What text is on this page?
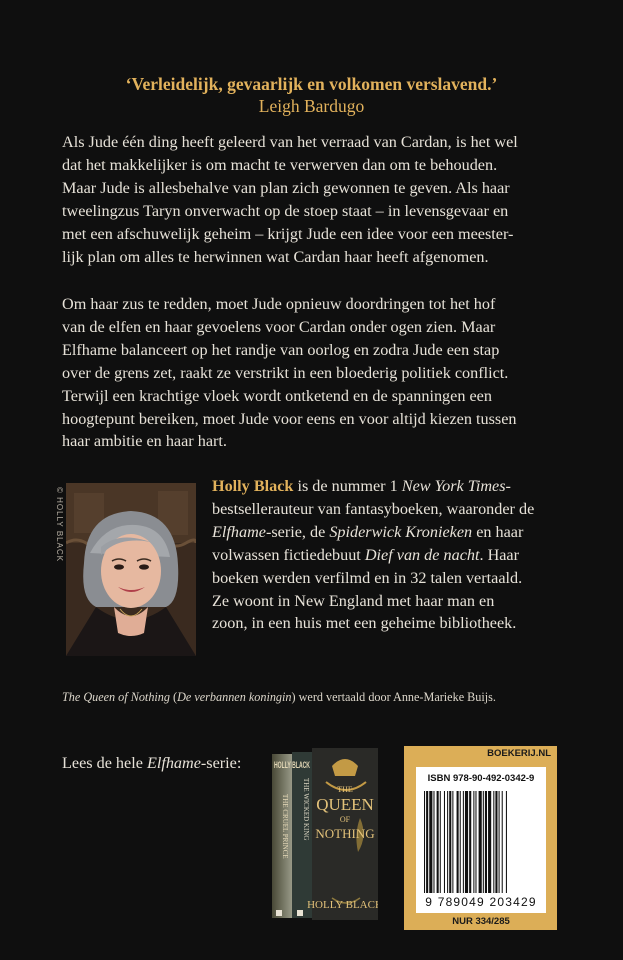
‘Verleidelijk, gevaarlijk en volkomen verslavend.’
Leigh Bardugo

Als Jude één ding heeft geleerd van het verraad van Cardan, is het wel
dat het makkelijker is om macht te verwerven dan om te behouden.
Maar Jude is allesbehalve van plan zich gewonnen te geven. Als haar
tweelingzus Taryn onverwacht op de stoep staat – in levensgevaar en
met een afschuwelijk geheim – krijgt Jude een idee voor een meester-
lijk plan om alles te herwinnen wat Cardan haar heeft afgenomen.

Om haar zus te redden, moet Jude opnieuw doordringen tot het hof
van de elfen en haar gevoelens voor Cardan onder ogen zien. Maar
Elfhame balanceert op het randje van oorlog en zodra Jude een stap
over de grens zet, raakt ze verstrikt in een bloederig politiek conflict.
Terwijl een krachtige vloek wordt ontketend en de spanningen een
hoogtepunt bereiken, moet Jude voor eens en voor altijd kiezen tussen
haar ambitie en haar hart.

© HOLLY BLACK

Holly Black is de nummer 1 New York Times-
bestsellerauteur van fantasyboeken, waaronder de
Elfhame-serie, de Spiderwick Kronieken en haar
volwassen fictiedebuut Dief van de nacht. Haar
boeken werden verfilmd en in 32 talen vertaald.
Ze woont in New England met haar man en
zoon, in een huis met een geheime bibliotheek.

The Queen of Nothing (De verbannen koningin) werd vertaald door Anne-Marieke Buijs.

Lees de hele Elfhame-serie:	HOLLY BLACK
THE CRUEL PRINCE THE WICKED KING	THE
QUEEN
OF
NOTHING
HOLLY BLACK
BOEKERIJ.NL
ISBN 978-90-492-0342-9
9 789049 203429
NUR 334/285
